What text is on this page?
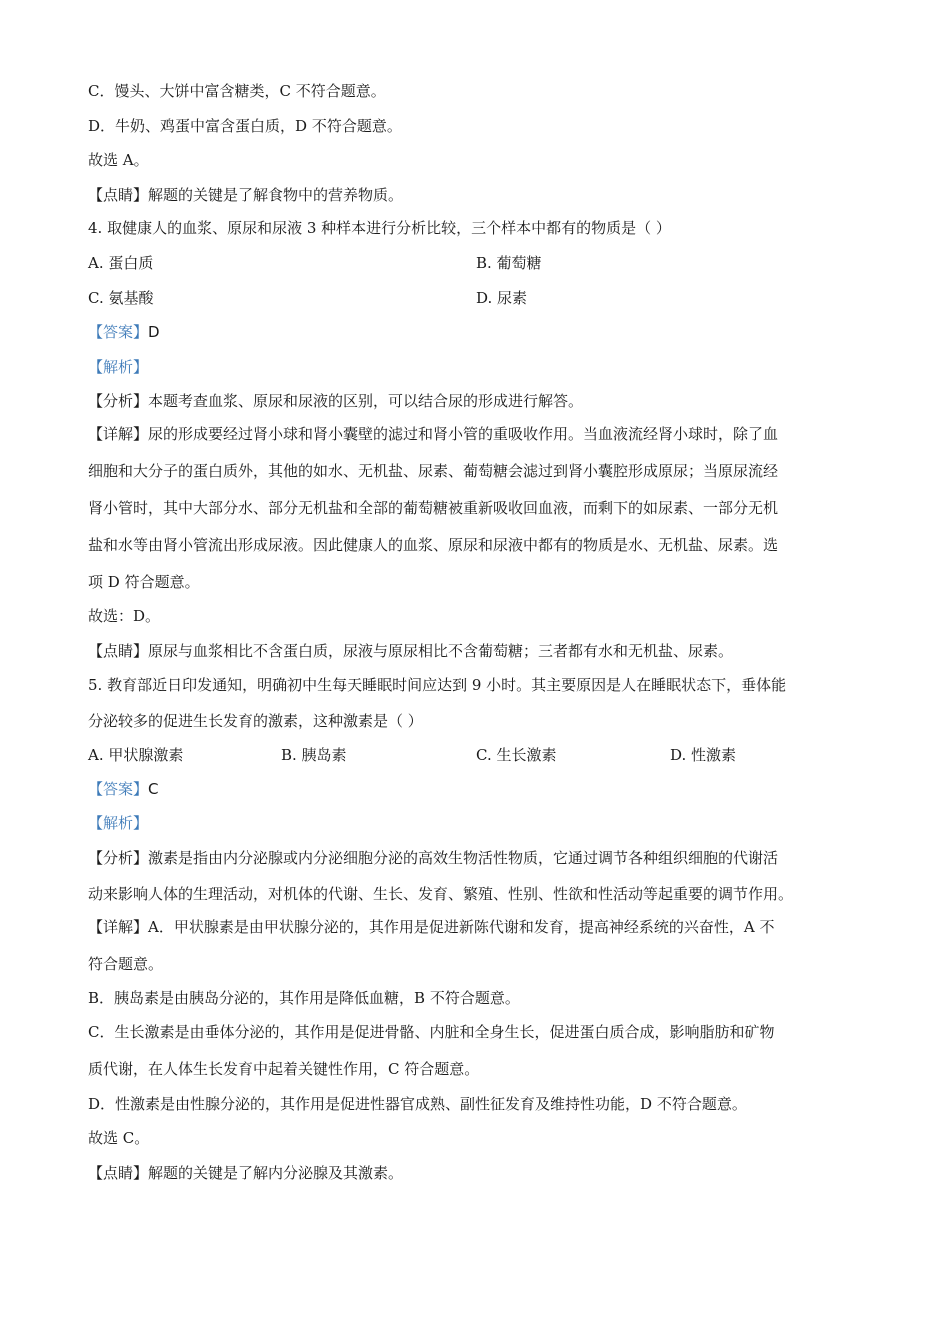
C．馒头、大饼中富含糖类，C 不符合题意。
D．牛奶、鸡蛋中富含蛋白质，D 不符合题意。
故选 A。
【点睛】解题的关键是了解食物中的营养物质。
4. 取健康人的血浆、原尿和尿液 3 种样本进行分析比较，三个样本中都有的物质是（ ）
A. 蛋白质	B. 葡萄糖
C. 氨基酸	D. 尿素
【答案】D
【解析】
【分析】本题考查血浆、原尿和尿液的区别，可以结合尿的形成进行解答。
【详解】尿的形成要经过肾小球和肾小囊壁的滤过和肾小管的重吸收作用。当血液流经肾小球时，除了血
细胞和大分子的蛋白质外，其他的如水、无机盐、尿素、葡萄糖会滤过到肾小囊腔形成原尿；当原尿流经
肾小管时，其中大部分水、部分无机盐和全部的葡萄糖被重新吸收回血液，而剩下的如尿素、一部分无机
盐和水等由肾小管流出形成尿液。因此健康人的血浆、原尿和尿液中都有的物质是水、无机盐、尿素。选
项 D 符合题意。
故选：D。
【点睛】原尿与血浆相比不含蛋白质，尿液与原尿相比不含葡萄糖；三者都有水和无机盐、尿素。
5. 教育部近日印发通知，明确初中生每天睡眠时间应达到 9 小时。其主要原因是人在睡眠状态下，垂体能
分泌较多的促进生长发育的激素，这种激素是（ ）
A. 甲状腺激素	B. 胰岛素	C. 生长激素	D. 性激素
【答案】C
【解析】
【分析】激素是指由内分泌腺或内分泌细胞分泌的高效生物活性物质，它通过调节各种组织细胞的代谢活
动来影响人体的生理活动，对机体的代谢、生长、发育、繁殖、性别、性欲和性活动等起重要的调节作用。
【详解】A．甲状腺素是由甲状腺分泌的，其作用是促进新陈代谢和发育，提高神经系统的兴奋性，A 不
符合题意。
B．胰岛素是由胰岛分泌的，其作用是降低血糖，B 不符合题意。
C．生长激素是由垂体分泌的，其作用是促进骨骼、内脏和全身生长，促进蛋白质合成，影响脂肪和矿物
质代谢，在人体生长发育中起着关键性作用，C 符合题意。
D．性激素是由性腺分泌的，其作用是促进性器官成熟、副性征发育及维持性功能，D 不符合题意。
故选 C。
【点睛】解题的关键是了解内分泌腺及其激素。
